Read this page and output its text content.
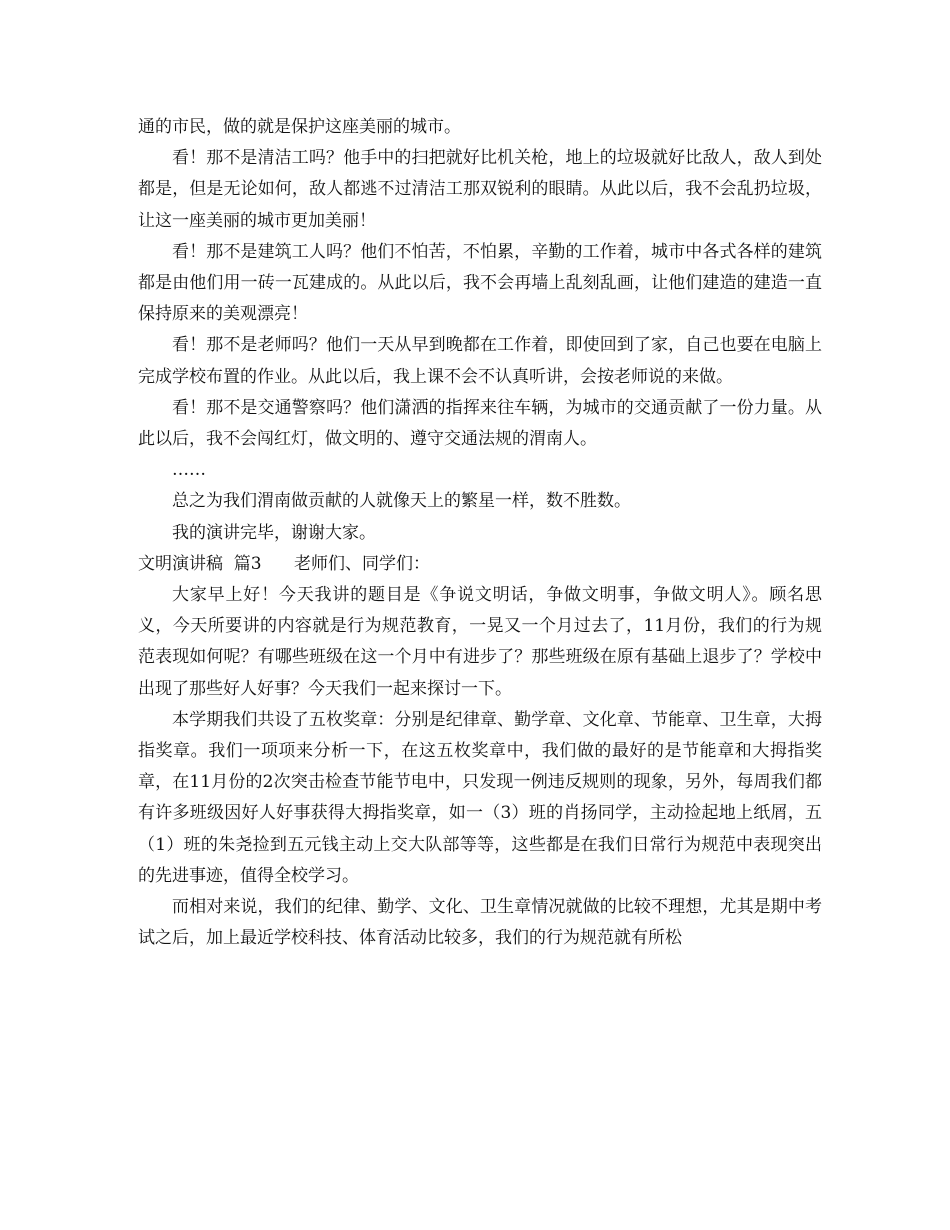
通的市民，做的就是保护这座美丽的城市。

看！那不是清洁工吗？他手中的扫把就好比机关枪，地上的垃圾就好比敌人，敌人到处都是，但是无论如何，敌人都逃不过清洁工那双锐利的眼睛。从此以后，我不会乱扔垃圾，让这一座美丽的城市更加美丽！

看！那不是建筑工人吗？他们不怕苦，不怕累，辛勤的工作着，城市中各式各样的建筑都是由他们用一砖一瓦建成的。从此以后，我不会再墙上乱刻乱画，让他们建造的建造一直保持原来的美观漂亮！

看！那不是老师吗？他们一天从早到晚都在工作着，即使回到了家，自己也要在电脑上完成学校布置的作业。从此以后，我上课不会不认真听讲，会按老师说的来做。

看！那不是交通警察吗？他们潇洒的指挥来往车辆，为城市的交通贡献了一份力量。从此以后，我不会闯红灯，做文明的、遵守交通法规的渭南人。

……

总之为我们渭南做贡献的人就像天上的繁星一样，数不胜数。

我的演讲完毕，谢谢大家。

文明演讲稿  篇3      老师们、同学们：

大家早上好！今天我讲的题目是《争说文明话，争做文明事，争做文明人》。顾名思义，今天所要讲的内容就是行为规范教育，一晃又一个月过去了，11月份，我们的行为规范表现如何呢？有哪些班级在这一个月中有进步了？那些班级在原有基础上退步了？学校中出现了那些好人好事？今天我们一起来探讨一下。

本学期我们共设了五枚奖章：分别是纪律章、勤学章、文化章、节能章、卫生章，大拇指奖章。我们一项项来分析一下，在这五枚奖章中，我们做的最好的是节能章和大拇指奖章，在11月份的2次突击检查节能节电中，只发现一例违反规则的现象，另外，每周我们都有许多班级因好人好事获得大拇指奖章，如一（3）班的肖扬同学，主动捡起地上纸屑，五（1）班的朱尧捡到五元钱主动上交大队部等等，这些都是在我们日常行为规范中表现突出的先进事迹，值得全校学习。

而相对来说，我们的纪律、勤学、文化、卫生章情况就做的比较不理想，尤其是期中考试之后，加上最近学校科技、体育活动比较多，我们的行为规范就有所松
